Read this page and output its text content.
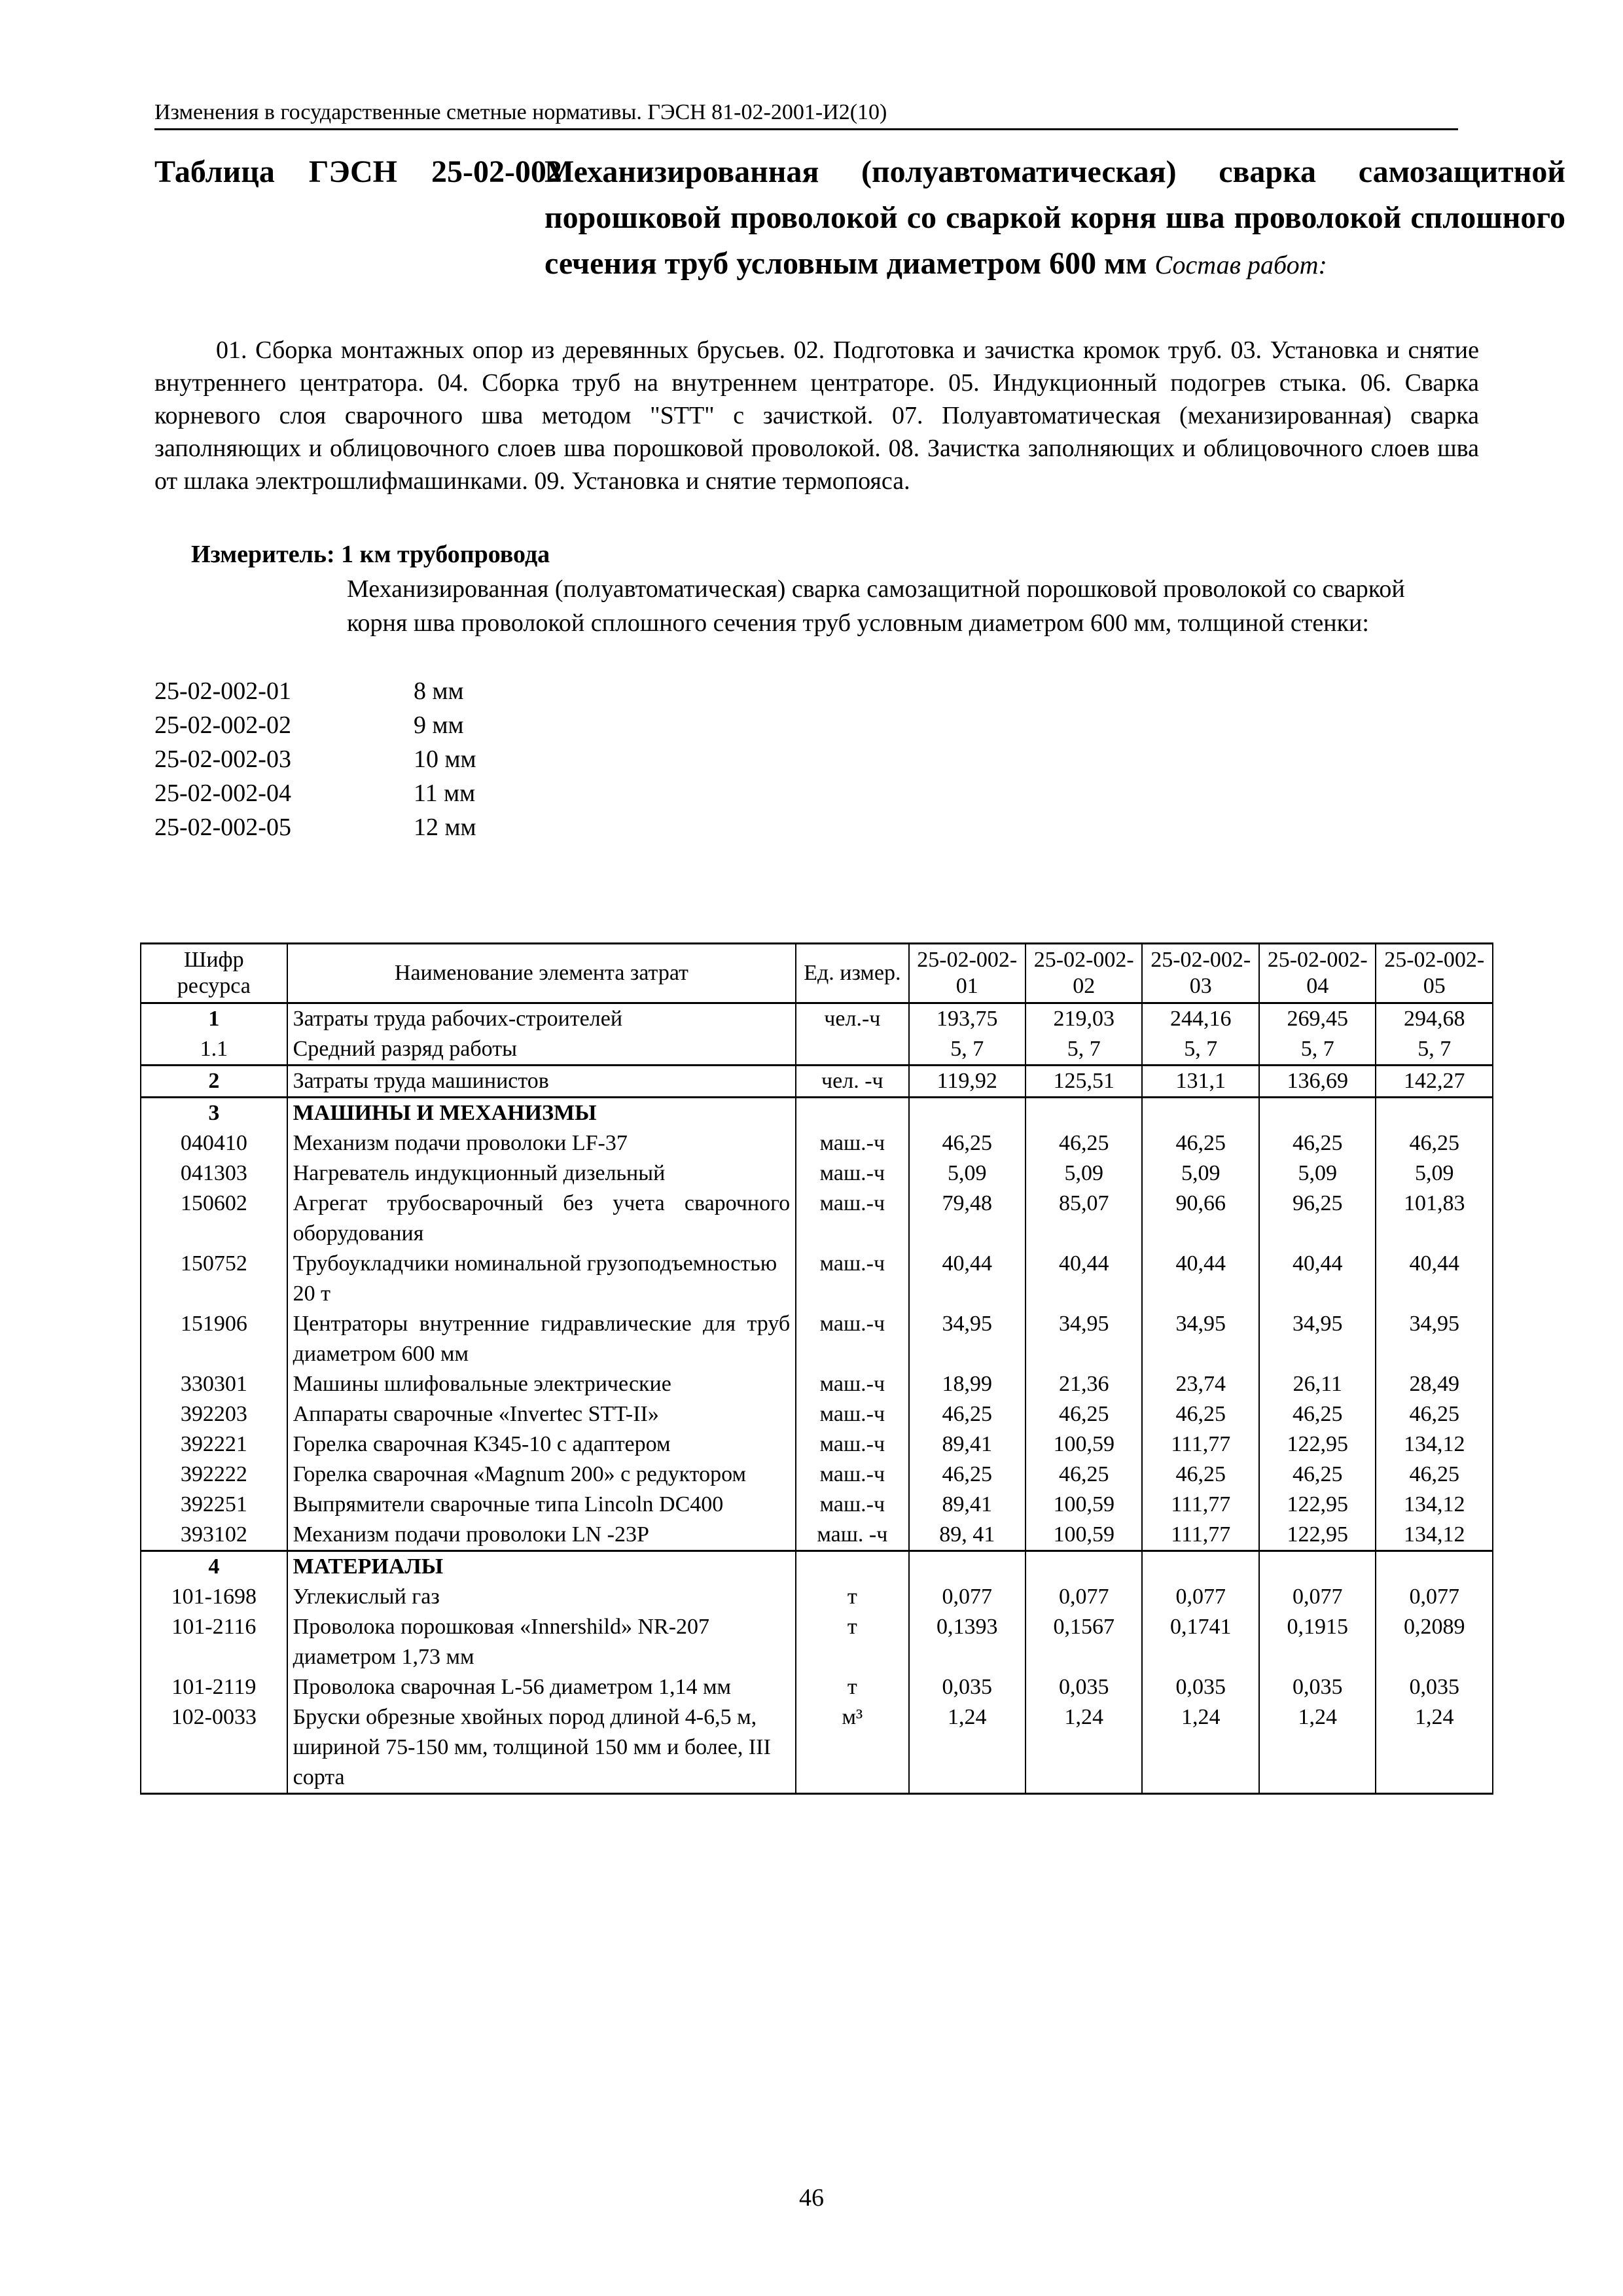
Изменения в государственные сметные нормативы. ГЭСН 81-02-2001-И2(10)
Таблица ГЭСН 25-02-002
Механизированная (полуавтоматическая) сварка самозащитной порошковой проволокой со сваркой корня шва проволокой сплошного сечения труб условным диаметром 600 мм Состав работ:
01. Сборка монтажных опор из деревянных брусьев. 02. Подготовка и зачистка кромок труб. 03. Установка и снятие внутреннего центратора. 04. Сборка труб на внутреннем центраторе. 05. Индукционный подогрев стыка. 06. Сварка корневого слоя сварочного шва методом "STT" с зачисткой. 07. Полуавтоматическая (механизированная) сварка заполняющих и облицовочного слоев шва порошковой проволокой. 08. Зачистка заполняющих и облицовочного слоев шва от шлака электрошлифмашинками. 09. Установка и снятие термопояса.
Измеритель: 1 км трубопровода
Механизированная (полуавтоматическая) сварка самозащитной порошковой проволокой со сваркой корня шва проволокой сплошного сечения труб условным диаметром 600 мм, толщиной стенки:
25-02-002-01	8 мм
25-02-002-02	9 мм
25-02-002-03	10 мм
25-02-002-04	11 мм
25-02-002-05	12 мм
Шифр ресурса	Наименование элемента затрат	Ед. измер.	25-02-002-01	25-02-002-02	25-02-002-03	25-02-002-04	25-02-002-05
1	Затраты труда рабочих-строителей	чел.-ч	193,75	219,03	244,16	269,45	294,68
1.1	Средний разряд работы		5, 7	5, 7	5, 7	5, 7	5, 7
2	Затраты труда машинистов	чел. -ч	119,92	125,51	131,1	136,69	142,27
3	МАШИНЫ И МЕХАНИЗМЫ						
040410	Механизм подачи проволоки LF-37	маш.-ч	46,25	46,25	46,25	46,25	46,25
041303	Нагреватель индукционный дизельный	маш.-ч	5,09	5,09	5,09	5,09	5,09
150602	Агрегат трубосварочный без учета сварочного оборудования	маш.-ч	79,48	85,07	90,66	96,25	101,83
150752	Трубоукладчики номинальной грузоподъемностью 20 т	маш.-ч	40,44	40,44	40,44	40,44	40,44
151906	Центраторы внутренние гидравлические для труб диаметром 600 мм	маш.-ч	34,95	34,95	34,95	34,95	34,95
330301	Машины шлифовальные электрические	маш.-ч	18,99	21,36	23,74	26,11	28,49
392203	Аппараты сварочные «Invertec STT-II»	маш.-ч	46,25	46,25	46,25	46,25	46,25
392221	Горелка сварочная К345-10 с адаптером	маш.-ч	89,41	100,59	111,77	122,95	134,12
392222	Горелка сварочная «Magnum 200» с редуктором	маш.-ч	46,25	46,25	46,25	46,25	46,25
392251	Выпрямители сварочные типа Lincoln DC400	маш.-ч	89,41	100,59	111,77	122,95	134,12
393102	Механизм подачи проволоки LN -23P	маш. -ч	89, 41	100,59	111,77	122,95	134,12
4	МАТЕРИАЛЫ						
101-1698	Углекислый газ	т	0,077	0,077	0,077	0,077	0,077
101-2116	Проволока порошковая «Innershild» NR-207 диаметром 1,73 мм	т	0,1393	0,1567	0,1741	0,1915	0,2089
101-2119	Проволока сварочная L-56 диаметром 1,14 мм	т	0,035	0,035	0,035	0,035	0,035
102-0033	Бруски обрезные хвойных пород длиной 4-6,5 м, шириной 75-150 мм, толщиной 150 мм и более, III сорта	м³	1,24	1,24	1,24	1,24	1,24
46
